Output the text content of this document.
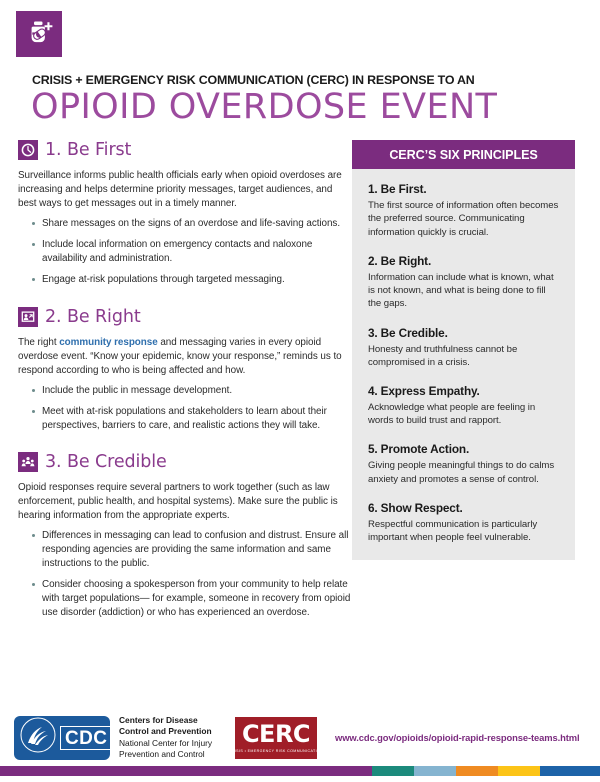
CRISIS + EMERGENCY RISK COMMUNICATION (CERC) IN RESPONSE TO AN
OPIOID OVERDOSE EVENT
1. Be First

Surveillance informs public health officials early when opioid overdoses are increasing and helps determine priority messages, target audiences, and best ways to get messages out in a timely manner.

Share messages on the signs of an overdose and life-saving actions.
Include local information on emergency contacts and naloxone availability and administration.
Engage at-risk populations through targeted messaging.
2. Be Right

The right community response and messaging varies in every opioid overdose event. “Know your epidemic, know your response,” reminds us to respond according to who is being affected and how.

Include the public in message development.
Meet with at-risk populations and stakeholders to learn about their perspectives, barriers to care, and realistic actions they will take.
3. Be Credible

Opioid responses require several partners to work together (such as law enforcement, public health, and hospital systems). Make sure the public is hearing information from the appropriate experts.

Differences in messaging can lead to confusion and distrust. Ensure all responding agencies are providing the same information and same instructions to the public.
Consider choosing a spokesperson from your community to help relate with target populations— for example, someone in recovery from opioid use disorder (addiction) or who has experienced an overdose.
CERC’S SIX PRINCIPLES
1. Be First.
The first source of information often becomes the preferred source. Communicating information quickly is crucial.
2. Be Right.
Information can include what is known, what is not known, and what is being done to fill the gaps.
3. Be Credible.
Honesty and truthfulness cannot be compromised in a crisis.
4. Express Empathy.
Acknowledge what people are feeling in words to build trust and rapport.
5. Promote Action.
Giving people meaningful things to do calms anxiety and promotes a sense of control.
6. Show Respect.
Respectful communication is particularly important when people feel vulnerable.
CDC
Centers for Disease
Control and Prevention
National Center for Injury
Prevention and Control
CERC
CRISIS • EMERGENCY RISK COMMUNICATION
www.cdc.gov/opioids/opioid-rapid-response-teams.html
